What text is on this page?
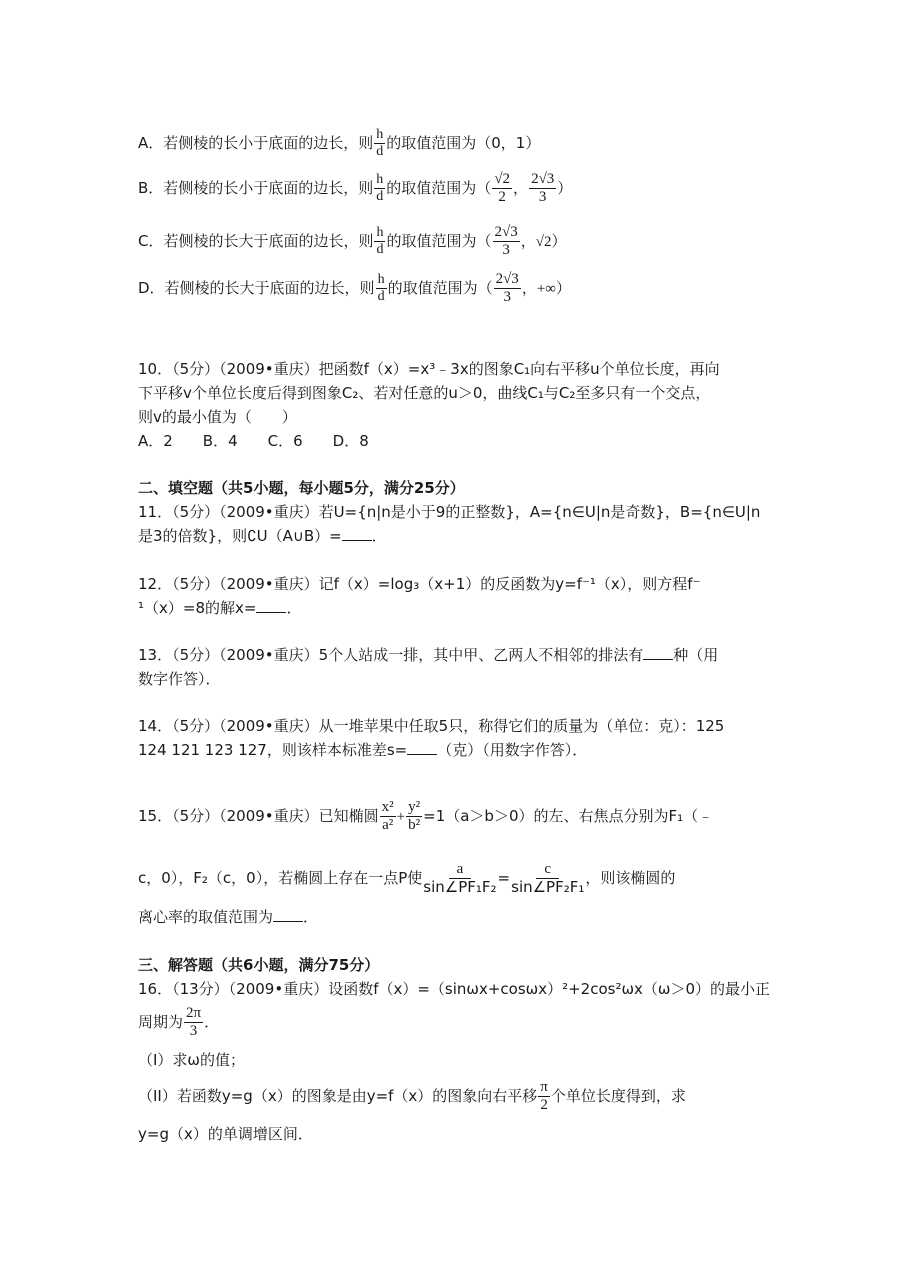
A．若侧棱的长小于底面的边长，则 $\frac{h}{d}$ 的取值范围为（0，1）
B．若侧棱的长小于底面的边长，则 $\frac{h}{d}$ 的取值范围为（ $\frac{√2}{2}$ ， $\frac{2√3}{3}$ ）
C．若侧棱的长大于底面的边长，则 $\frac{h}{d}$ 的取值范围为（ $\frac{2√3}{3}$ ，√2）
D．若侧棱的长大于底面的边长，则 $\frac{h}{d}$ 的取值范围为（ $\frac{2√3}{3}$ ，+∞）
10．（5分）（2009•重庆）把函数f（x）=x³﹣3x的图象C₁向右平移u个单位长度，再向
下平移v个单位长度后得到图象C₂、若对任意的u＞0，曲线C₁与C₂至多只有一个交点，
则v的最小值为（　　）
A．2　　B．4　　C．6　　D．8
二、填空题（共5小题，每小题5分，满分25分）
11．（5分）（2009•重庆）若U={n|n是小于9的正整数}，A={n∈U|n是奇数}，B={n∈U|n
是3的倍数}，则∁U（A∪B）= ．
12．（5分）（2009•重庆）记f（x）=log₃（x+1）的反函数为y=f⁻¹（x），则方程f⁻
¹（x）=8的解x= ．
13．（5分）（2009•重庆）5个人站成一排，其中甲、乙两人不相邻的排法有 种（用
数字作答）．
14．（5分）（2009•重庆）从一堆苹果中任取5只，称得它们的质量为（单位：克）：125
124 121 123 127，则该样本标准差s= （克）（用数字作答）．
15．（5分）（2009•重庆）已知椭圆 $\frac{\text{x²}}{\text{a²}} + \frac{\text{y²}}{\text{b²}} =1(a>b>0)$的左、右焦点分别为F₁（﹣
c，0），F₂（c，0），若椭圆上存在一点P使 $\frac{a}{\text{sin∠PF₁F₂}} = \frac{c}{\text{sin∠PF₂F₁}}$ ，则该椭圆的
离心率的取值范围为 ．
三、解答题（共6小题，满分75分）
16．（13分）（2009•重庆）设函数f（x）=（sinωx+cosωx）²+2cos²ωx（ω＞0）的最小正
周期为 $\frac{2\pi}{3}$ ．
（I）求ω的值；
（II）若函数y=g（x）的图象是由y=f（x）的图象向右平移 $\frac{\pi}{2}$ 个单位长度得到，求
y=g（x）的单调增区间．
